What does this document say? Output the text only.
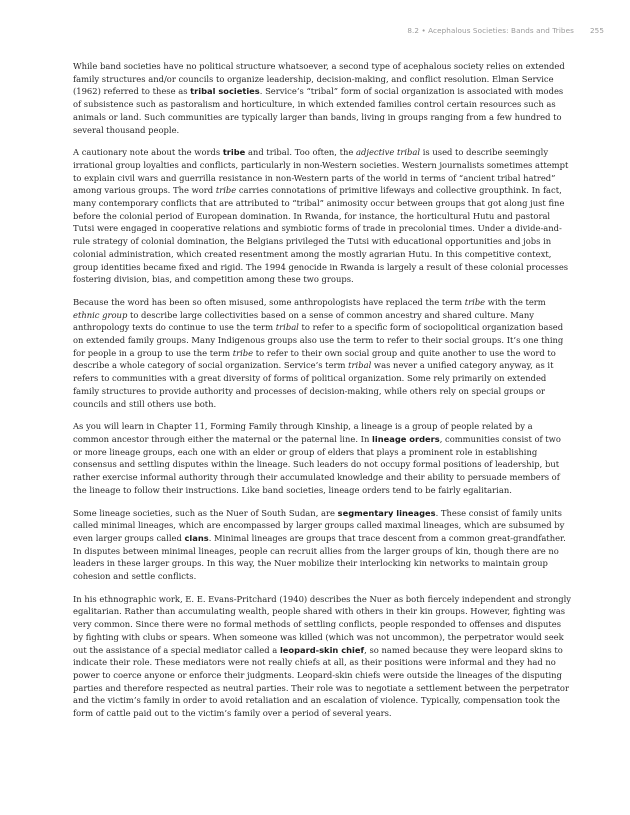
8.2 • Acephalous Societies: Bands and Tribes 255

While band societies have no political structure whatsoever, a second type of acephalous society relies on extended family structures and/or councils to organize leadership, decision-making, and conflict resolution. Elman Service (1962) referred to these as tribal societies. Service’s “tribal” form of social organization is associated with modes of subsistence such as pastoralism and horticulture, in which extended families control certain resources such as animals or land. Such communities are typically larger than bands, living in groups ranging from a few hundred to several thousand people.

A cautionary note about the words tribe and tribal. Too often, the adjective tribal is used to describe seemingly irrational group loyalties and conflicts, particularly in non-Western societies. Western journalists sometimes attempt to explain civil wars and guerrilla resistance in non-Western parts of the world in terms of “ancient tribal hatred” among various groups. The word tribe carries connotations of primitive lifeways and collective groupthink. In fact, many contemporary conflicts that are attributed to “tribal” animosity occur between groups that got along just fine before the colonial period of European domination. In Rwanda, for instance, the horticultural Hutu and pastoral Tutsi were engaged in cooperative relations and symbiotic forms of trade in precolonial times. Under a divide-and-rule strategy of colonial domination, the Belgians privileged the Tutsi with educational opportunities and jobs in colonial administration, which created resentment among the mostly agrarian Hutu. In this competitive context, group identities became fixed and rigid. The 1994 genocide in Rwanda is largely a result of these colonial processes fostering division, bias, and competition among these two groups.

Because the word has been so often misused, some anthropologists have replaced the term tribe with the term ethnic group to describe large collectivities based on a sense of common ancestry and shared culture. Many anthropology texts do continue to use the term tribal to refer to a specific form of sociopolitical organization based on extended family groups. Many Indigenous groups also use the term to refer to their social groups. It’s one thing for people in a group to use the term tribe to refer to their own social group and quite another to use the word to describe a whole category of social organization. Service’s term tribal was never a unified category anyway, as it refers to communities with a great diversity of forms of political organization. Some rely primarily on extended family structures to provide authority and processes of decision-making, while others rely on special groups or councils and still others use both.

As you will learn in Chapter 11, Forming Family through Kinship, a lineage is a group of people related by a common ancestor through either the maternal or the paternal line. In lineage orders, communities consist of two or more lineage groups, each one with an elder or group of elders that plays a prominent role in establishing consensus and settling disputes within the lineage. Such leaders do not occupy formal positions of leadership, but rather exercise informal authority through their accumulated knowledge and their ability to persuade members of the lineage to follow their instructions. Like band societies, lineage orders tend to be fairly egalitarian.

Some lineage societies, such as the Nuer of South Sudan, are segmentary lineages. These consist of family units called minimal lineages, which are encompassed by larger groups called maximal lineages, which are subsumed by even larger groups called clans. Minimal lineages are groups that trace descent from a common great-grandfather. In disputes between minimal lineages, people can recruit allies from the larger groups of kin, though there are no leaders in these larger groups. In this way, the Nuer mobilize their interlocking kin networks to maintain group cohesion and settle conflicts.

In his ethnographic work, E. E. Evans-Pritchard (1940) describes the Nuer as both fiercely independent and strongly egalitarian. Rather than accumulating wealth, people shared with others in their kin groups. However, fighting was very common. Since there were no formal methods of settling conflicts, people responded to offenses and disputes by fighting with clubs or spears. When someone was killed (which was not uncommon), the perpetrator would seek out the assistance of a special mediator called a leopard-skin chief, so named because they were leopard skins to indicate their role. These mediators were not really chiefs at all, as their positions were informal and they had no power to coerce anyone or enforce their judgments. Leopard-skin chiefs were outside the lineages of the disputing parties and therefore respected as neutral parties. Their role was to negotiate a settlement between the perpetrator and the victim’s family in order to avoid retaliation and an escalation of violence. Typically, compensation took the form of cattle paid out to the victim’s family over a period of several years.
